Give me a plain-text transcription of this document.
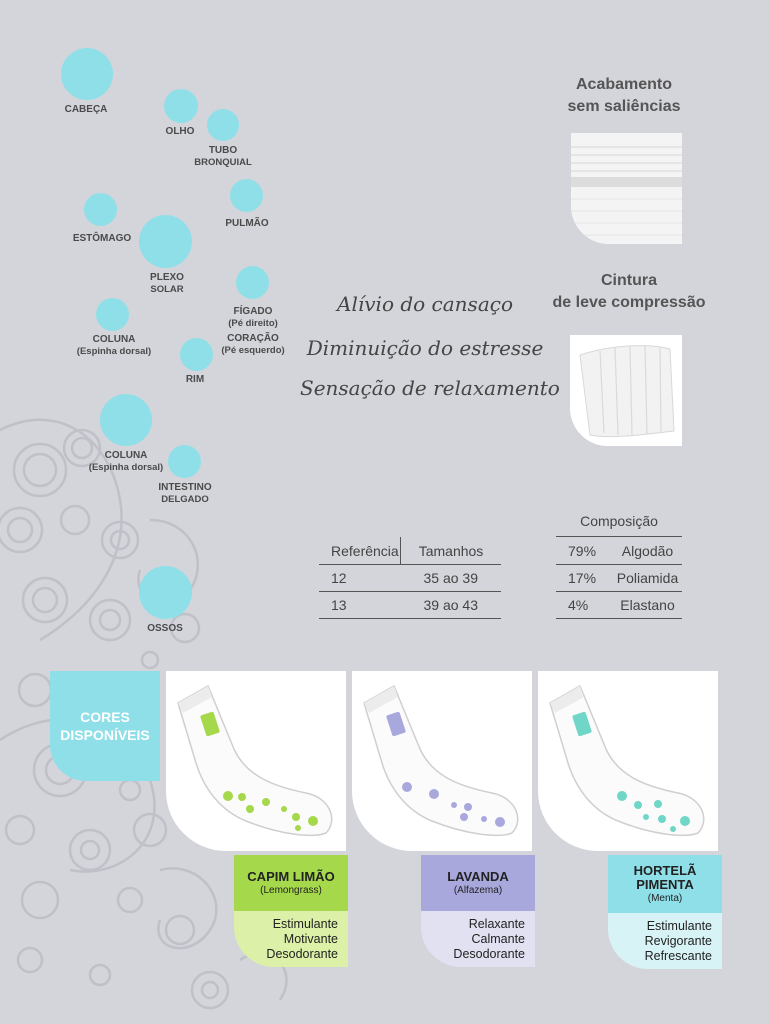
CABEÇA
OLHO
TUBO
BRONQUIAL
PULMÃO
ESTÔMAGO
PLEXO
SOLAR
FÍGADO
(Pé direito)
CORAÇÃO
(Pé esquerdo)
COLUNA
(Espinha dorsal)
RIM
COLUNA
(Espinha dorsal)
INTESTINO
DELGADO
OSSOS
Acabamento
sem saliências
Cintura
de leve compressão
Alívio do cansaço
Diminuição do estresse
Sensação de relaxamento
Referência	Tamanhos
12	35 ao 39
13	39 ao 43
Composição
79%	Algodão
17%	Poliamida
4%	Elastano
CORES
DISPONÍVEIS
CAPIM LIMÃO
(Lemongrass)
Estimulante
Motivante
Desodorante
LAVANDA
(Alfazema)
Relaxante
Calmante
Desodorante
HORTELÃ
PIMENTA
(Menta)
Estimulante
Revigorante
Refrescante
